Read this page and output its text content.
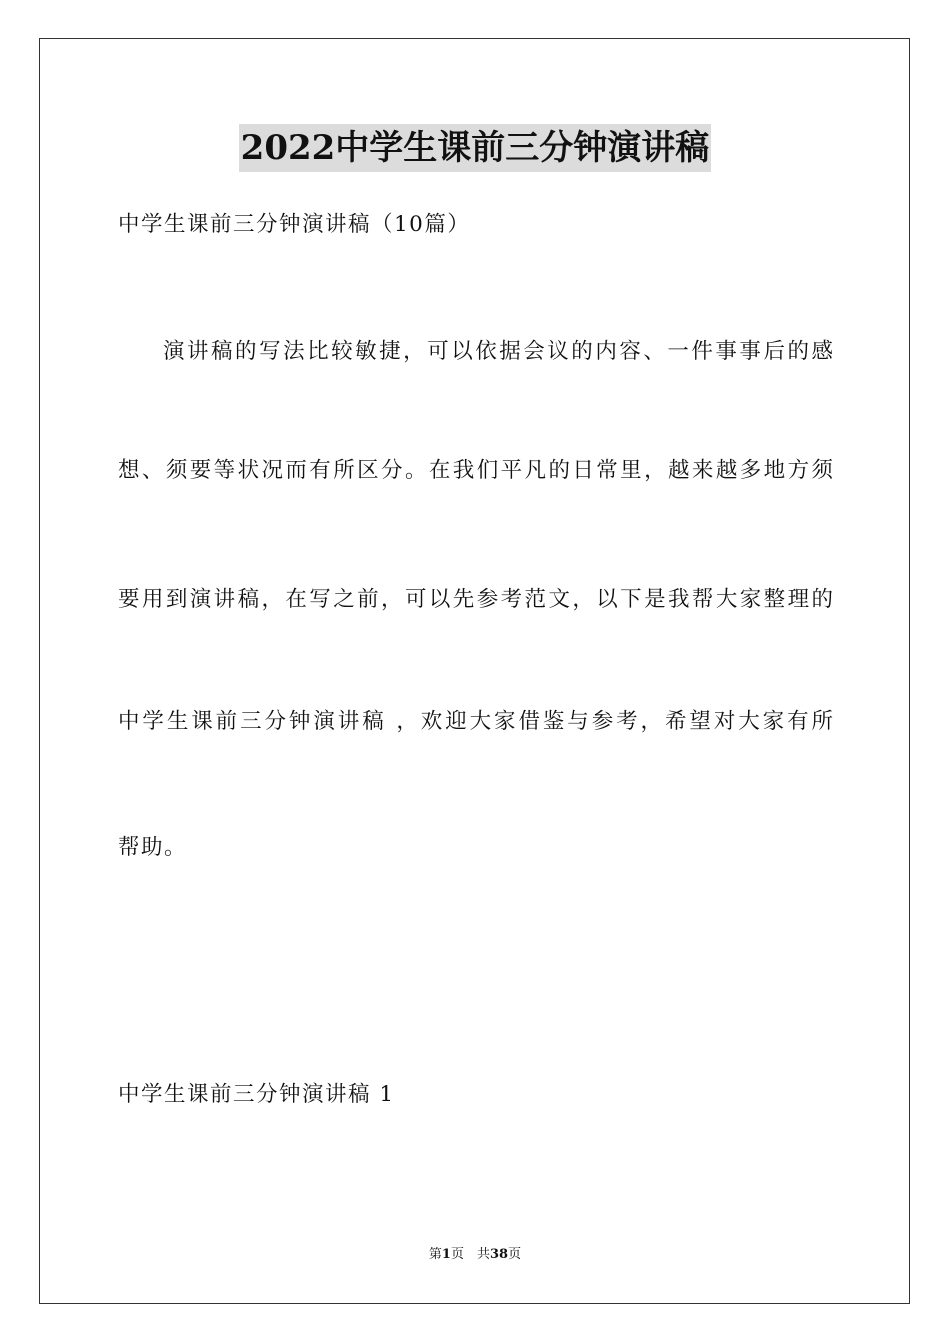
2022中学生课前三分钟演讲稿
中学生课前三分钟演讲稿（10篇）
演讲稿的写法比较敏捷，可以依据会议的内容、一件事事后的感
想、须要等状况而有所区分。在我们平凡的日常里，越来越多地方须
要用到演讲稿，在写之前，可以先参考范文，以下是我帮大家整理的
中学生课前三分钟演讲稿 ，欢迎大家借鉴与参考，希望对大家有所
帮助。
中学生课前三分钟演讲稿 1
第1页　共38页
